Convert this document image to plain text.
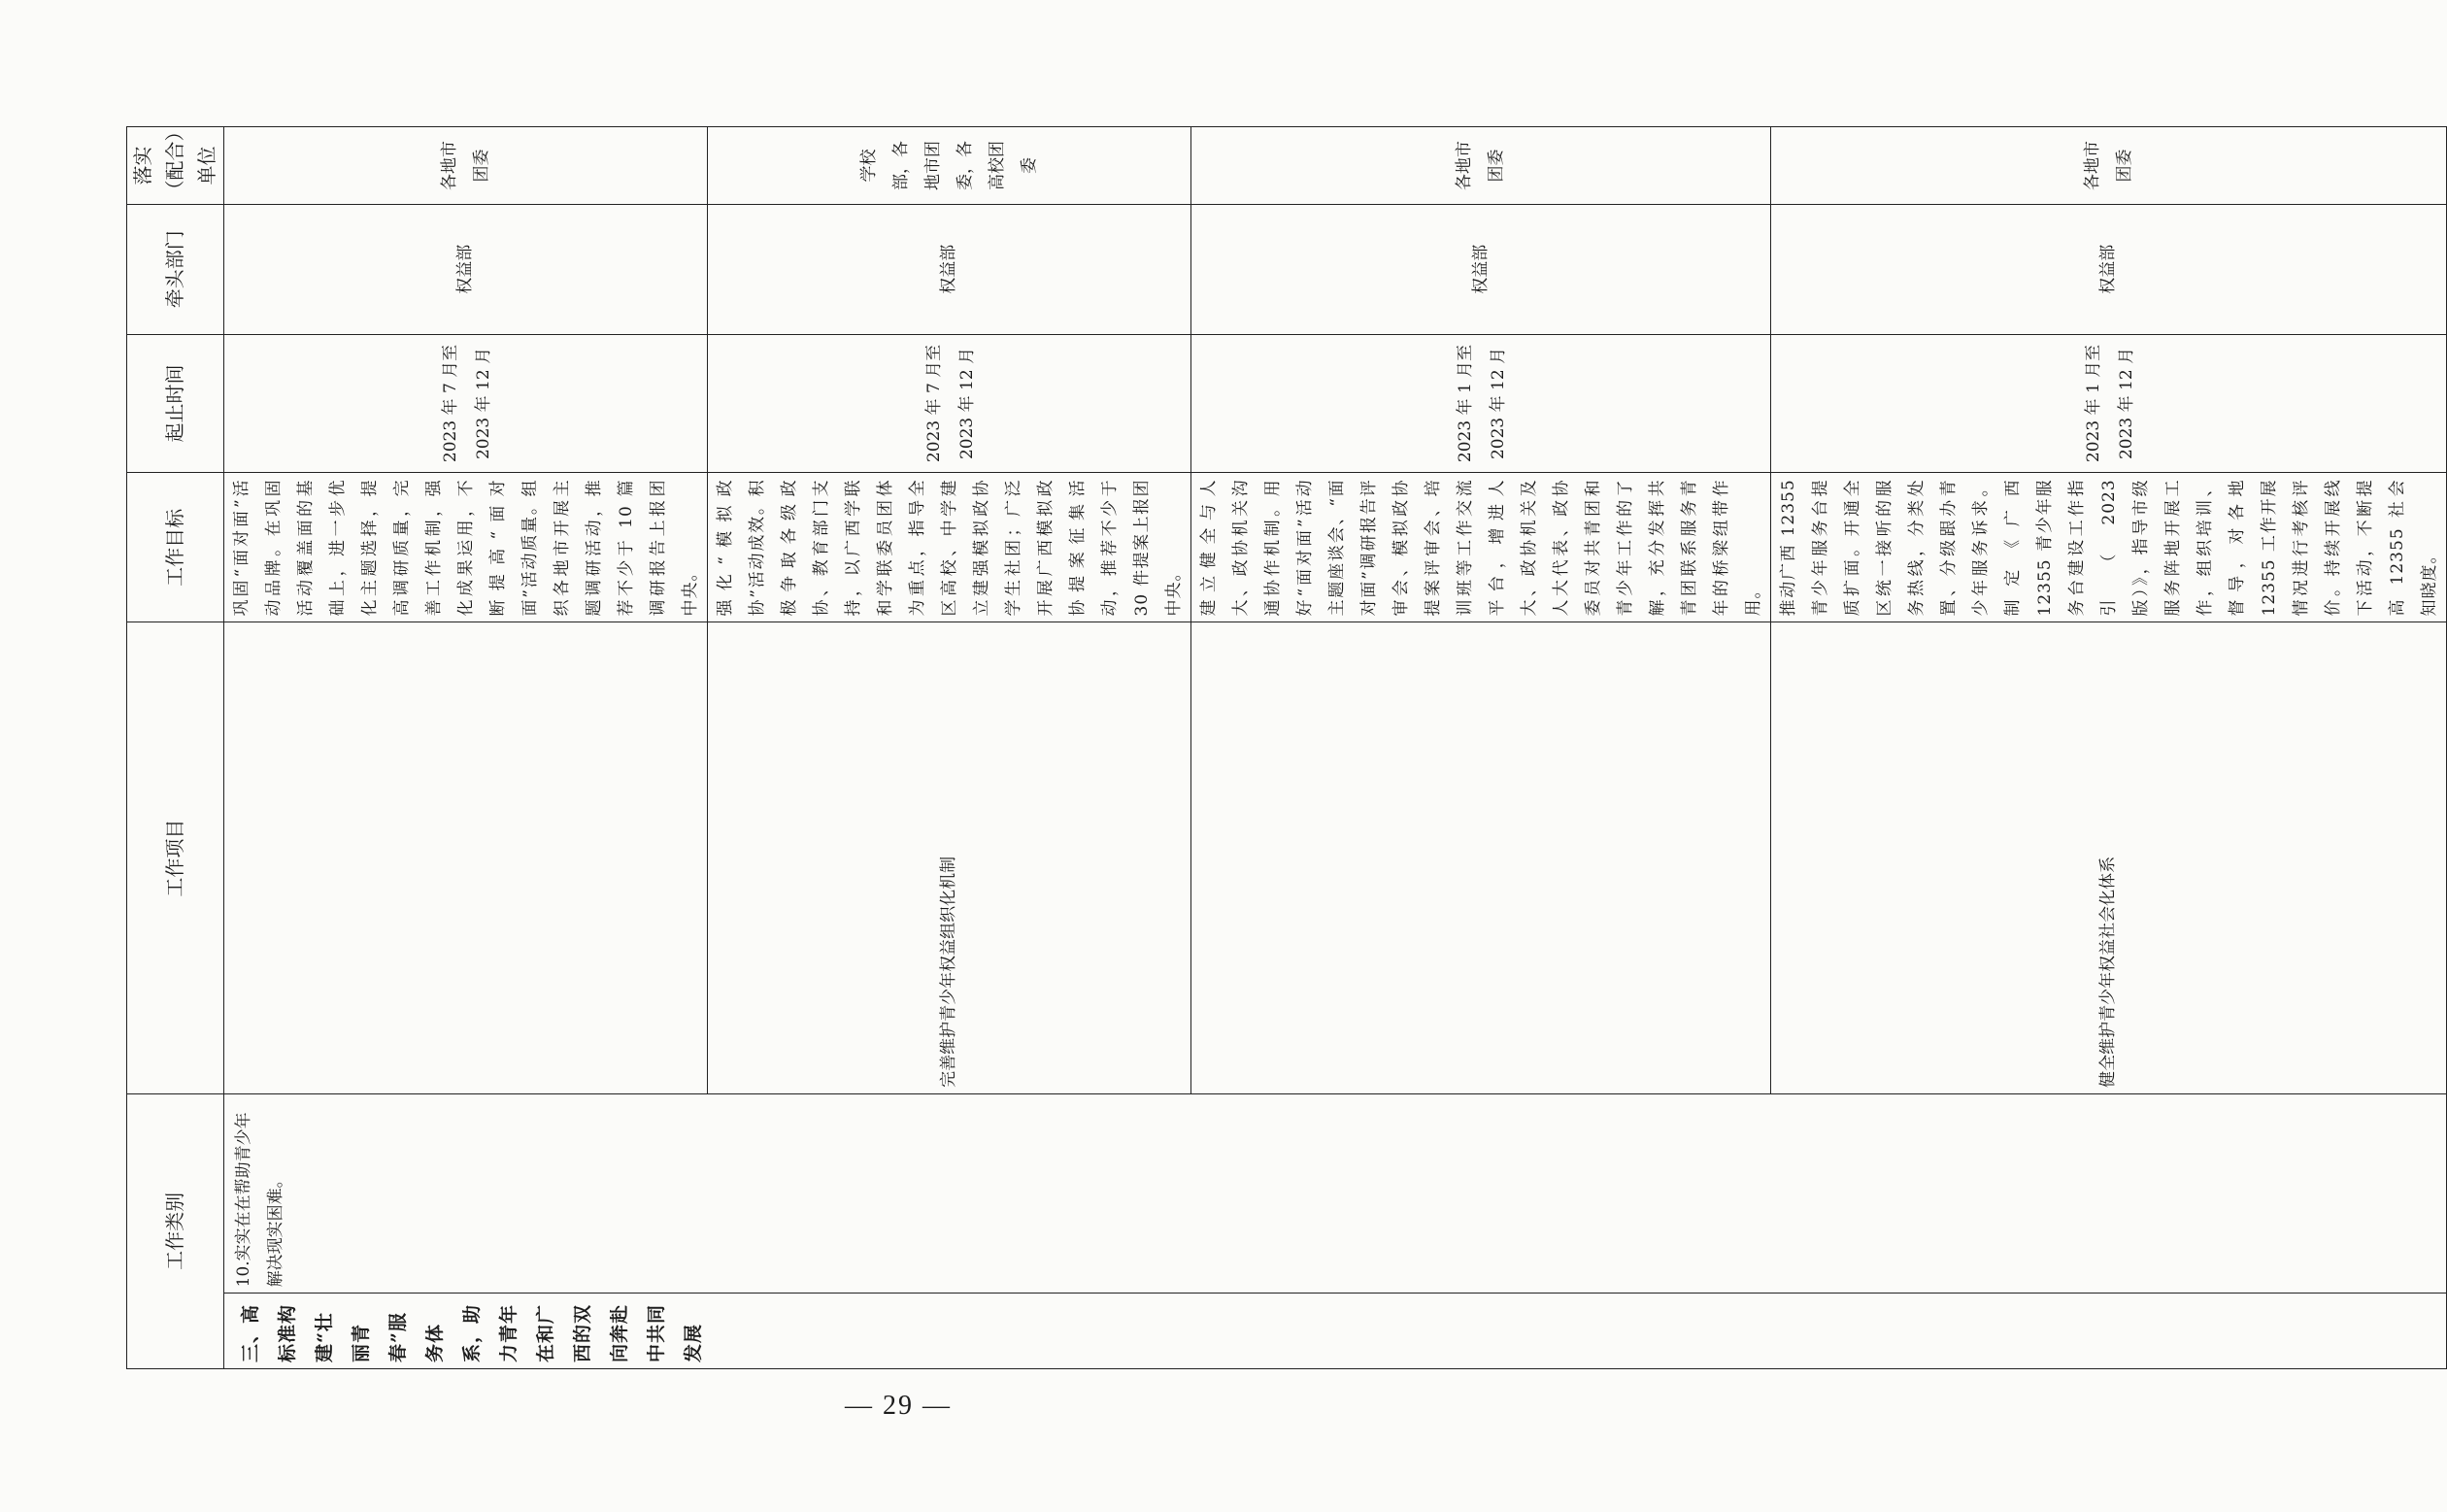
工作类别		工作项目	工作目标	起止时间	牵头部门	落实（配合）单位

三、高标准构建“壮丽青春”服务体系，助力青年在和广西的双向奔赴中共同发展	10.实实在在帮助青少年解决现实困难。		巩固“面对面”活动品牌。在巩固活动覆盖面的基础上，进一步优化主题选择，提高调研质量，完善工作机制，强化成果运用，不断提高“面对面”活动质量。组织各地市开展主题调研活动，推荐不少于 10 篇调研报告上报团中央。	2023 年 7 月至 2023 年 12 月	权益部	各地市团委

		完善维护青少年权益组织化机制	强化“模拟政协”活动成效。积极争取各级政协、教育部门支持，以广西学联和学联委员团体为重点，指导全区高校、中学建立建强模拟政协学生社团；广泛开展广西模拟政协提案征集活动，推荐不少于 30 件提案上报团中央。	2023 年 7 月至 2023 年 12 月	权益部	学校部，各地市团委，各高校团委

			建立健全与人大、政协机关沟通协作机制。用好“面对面”活动主题座谈会、“面对面”调研报告评审会、模拟政协提案评审会、培训班等工作交流平台，增进人大、政协机关及人大代表、政协委员对共青团和青少年工作的了解，充分发挥共青团联系服务青年的桥梁纽带作用。	2023 年 1 月至 2023 年 12 月	权益部	各地市团委

		健全维护青少年权益社会化体系	推动广西 12355 青少年服务台提质扩面。开通全区统一接听的服务热线，分类处置、分级跟办青少年服务诉求。制定《广西 12355 青少年服务台建设工作指引（2023 版）》，指导市级服务阵地开展工作，组织培训、督导，对各地 12355 工作开展情况进行考核评价。持续开展线下活动，不断提高 12355 社会知晓度。	2023 年 1 月至 2023 年 12 月	权益部	各地市团委
— 29 —
